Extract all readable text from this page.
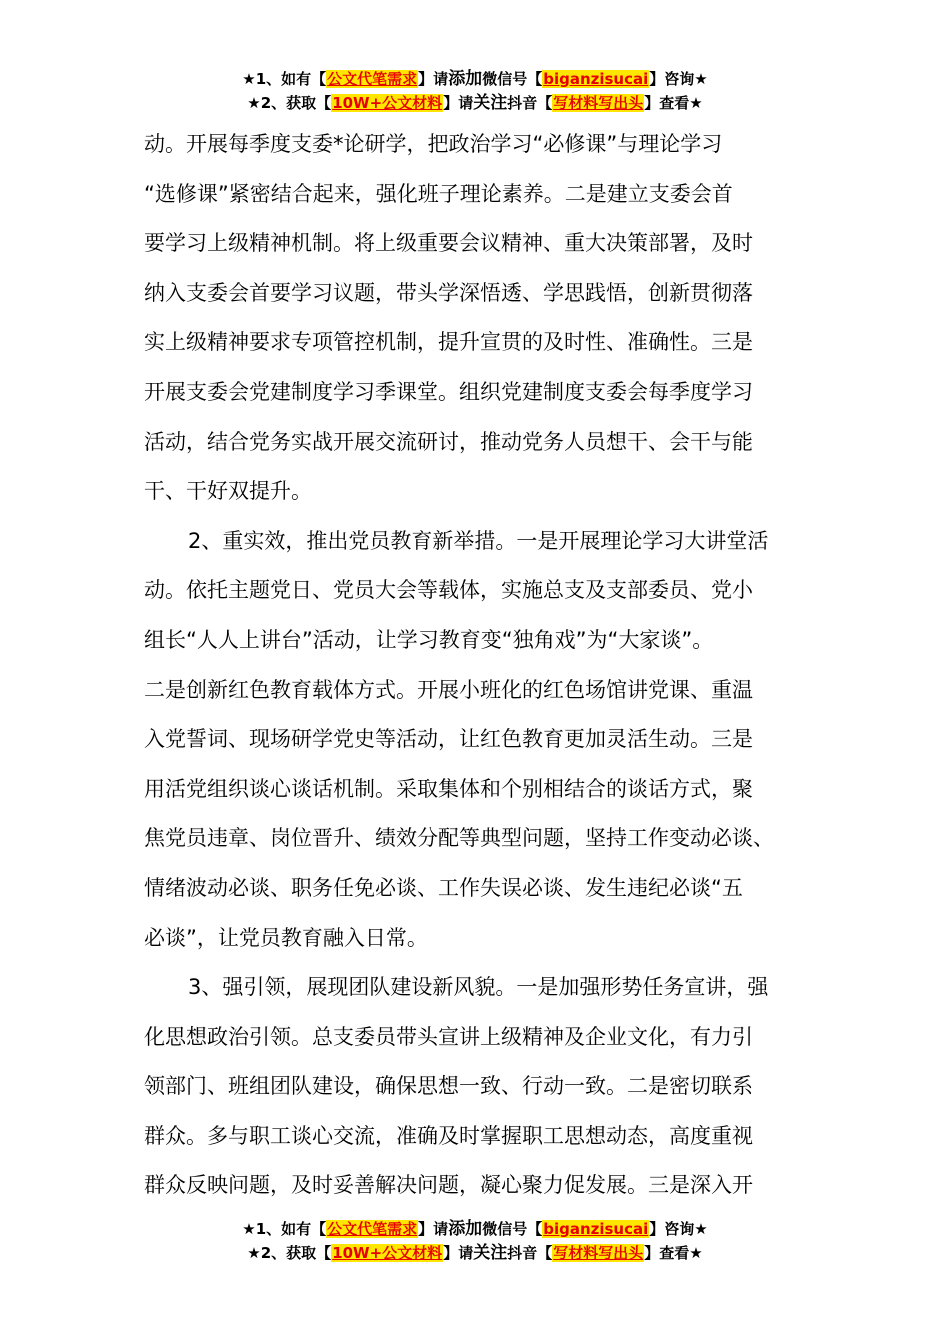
★1、如有【公文代笔需求】请添加微信号【biganzisucai】咨询★
★2、获取【10W+公文材料】请关注抖音【写材料写出头】查看★
动。开展每季度支委*论研学，把政治学习“必修课”与理论学习
“选修课”紧密结合起来，强化班子理论素养。二是建立支委会首
要学习上级精神机制。将上级重要会议精神、重大决策部署，及时
纳入支委会首要学习议题，带头学深悟透、学思践悟，创新贯彻落
实上级精神要求专项管控机制，提升宣贯的及时性、准确性。三是
开展支委会党建制度学习季课堂。组织党建制度支委会每季度学习
活动，结合党务实战开展交流研讨，推动党务人员想干、会干与能
干、干好双提升。
2、重实效，推出党员教育新举措。一是开展理论学习大讲堂活
动。依托主题党日、党员大会等载体，实施总支及支部委员、党小
组长“人人上讲台”活动，让学习教育变“独角戏”为“大家谈”。
二是创新红色教育载体方式。开展小班化的红色场馆讲党课、重温
入党誓词、现场研学党史等活动，让红色教育更加灵活生动。三是
用活党组织谈心谈话机制。采取集体和个别相结合的谈话方式，聚
焦党员违章、岗位晋升、绩效分配等典型问题，坚持工作变动必谈、
情绪波动必谈、职务任免必谈、工作失误必谈、发生违纪必谈“五
必谈”，让党员教育融入日常。
3、强引领，展现团队建设新风貌。一是加强形势任务宣讲，强
化思想政治引领。总支委员带头宣讲上级精神及企业文化，有力引
领部门、班组团队建设，确保思想一致、行动一致。二是密切联系
群众。多与职工谈心交流，准确及时掌握职工思想动态，高度重视
群众反映问题，及时妥善解决问题，凝心聚力促发展。三是深入开
★1、如有【公文代笔需求】请添加微信号【biganzisucai】咨询★
★2、获取【10W+公文材料】请关注抖音【写材料写出头】查看★
